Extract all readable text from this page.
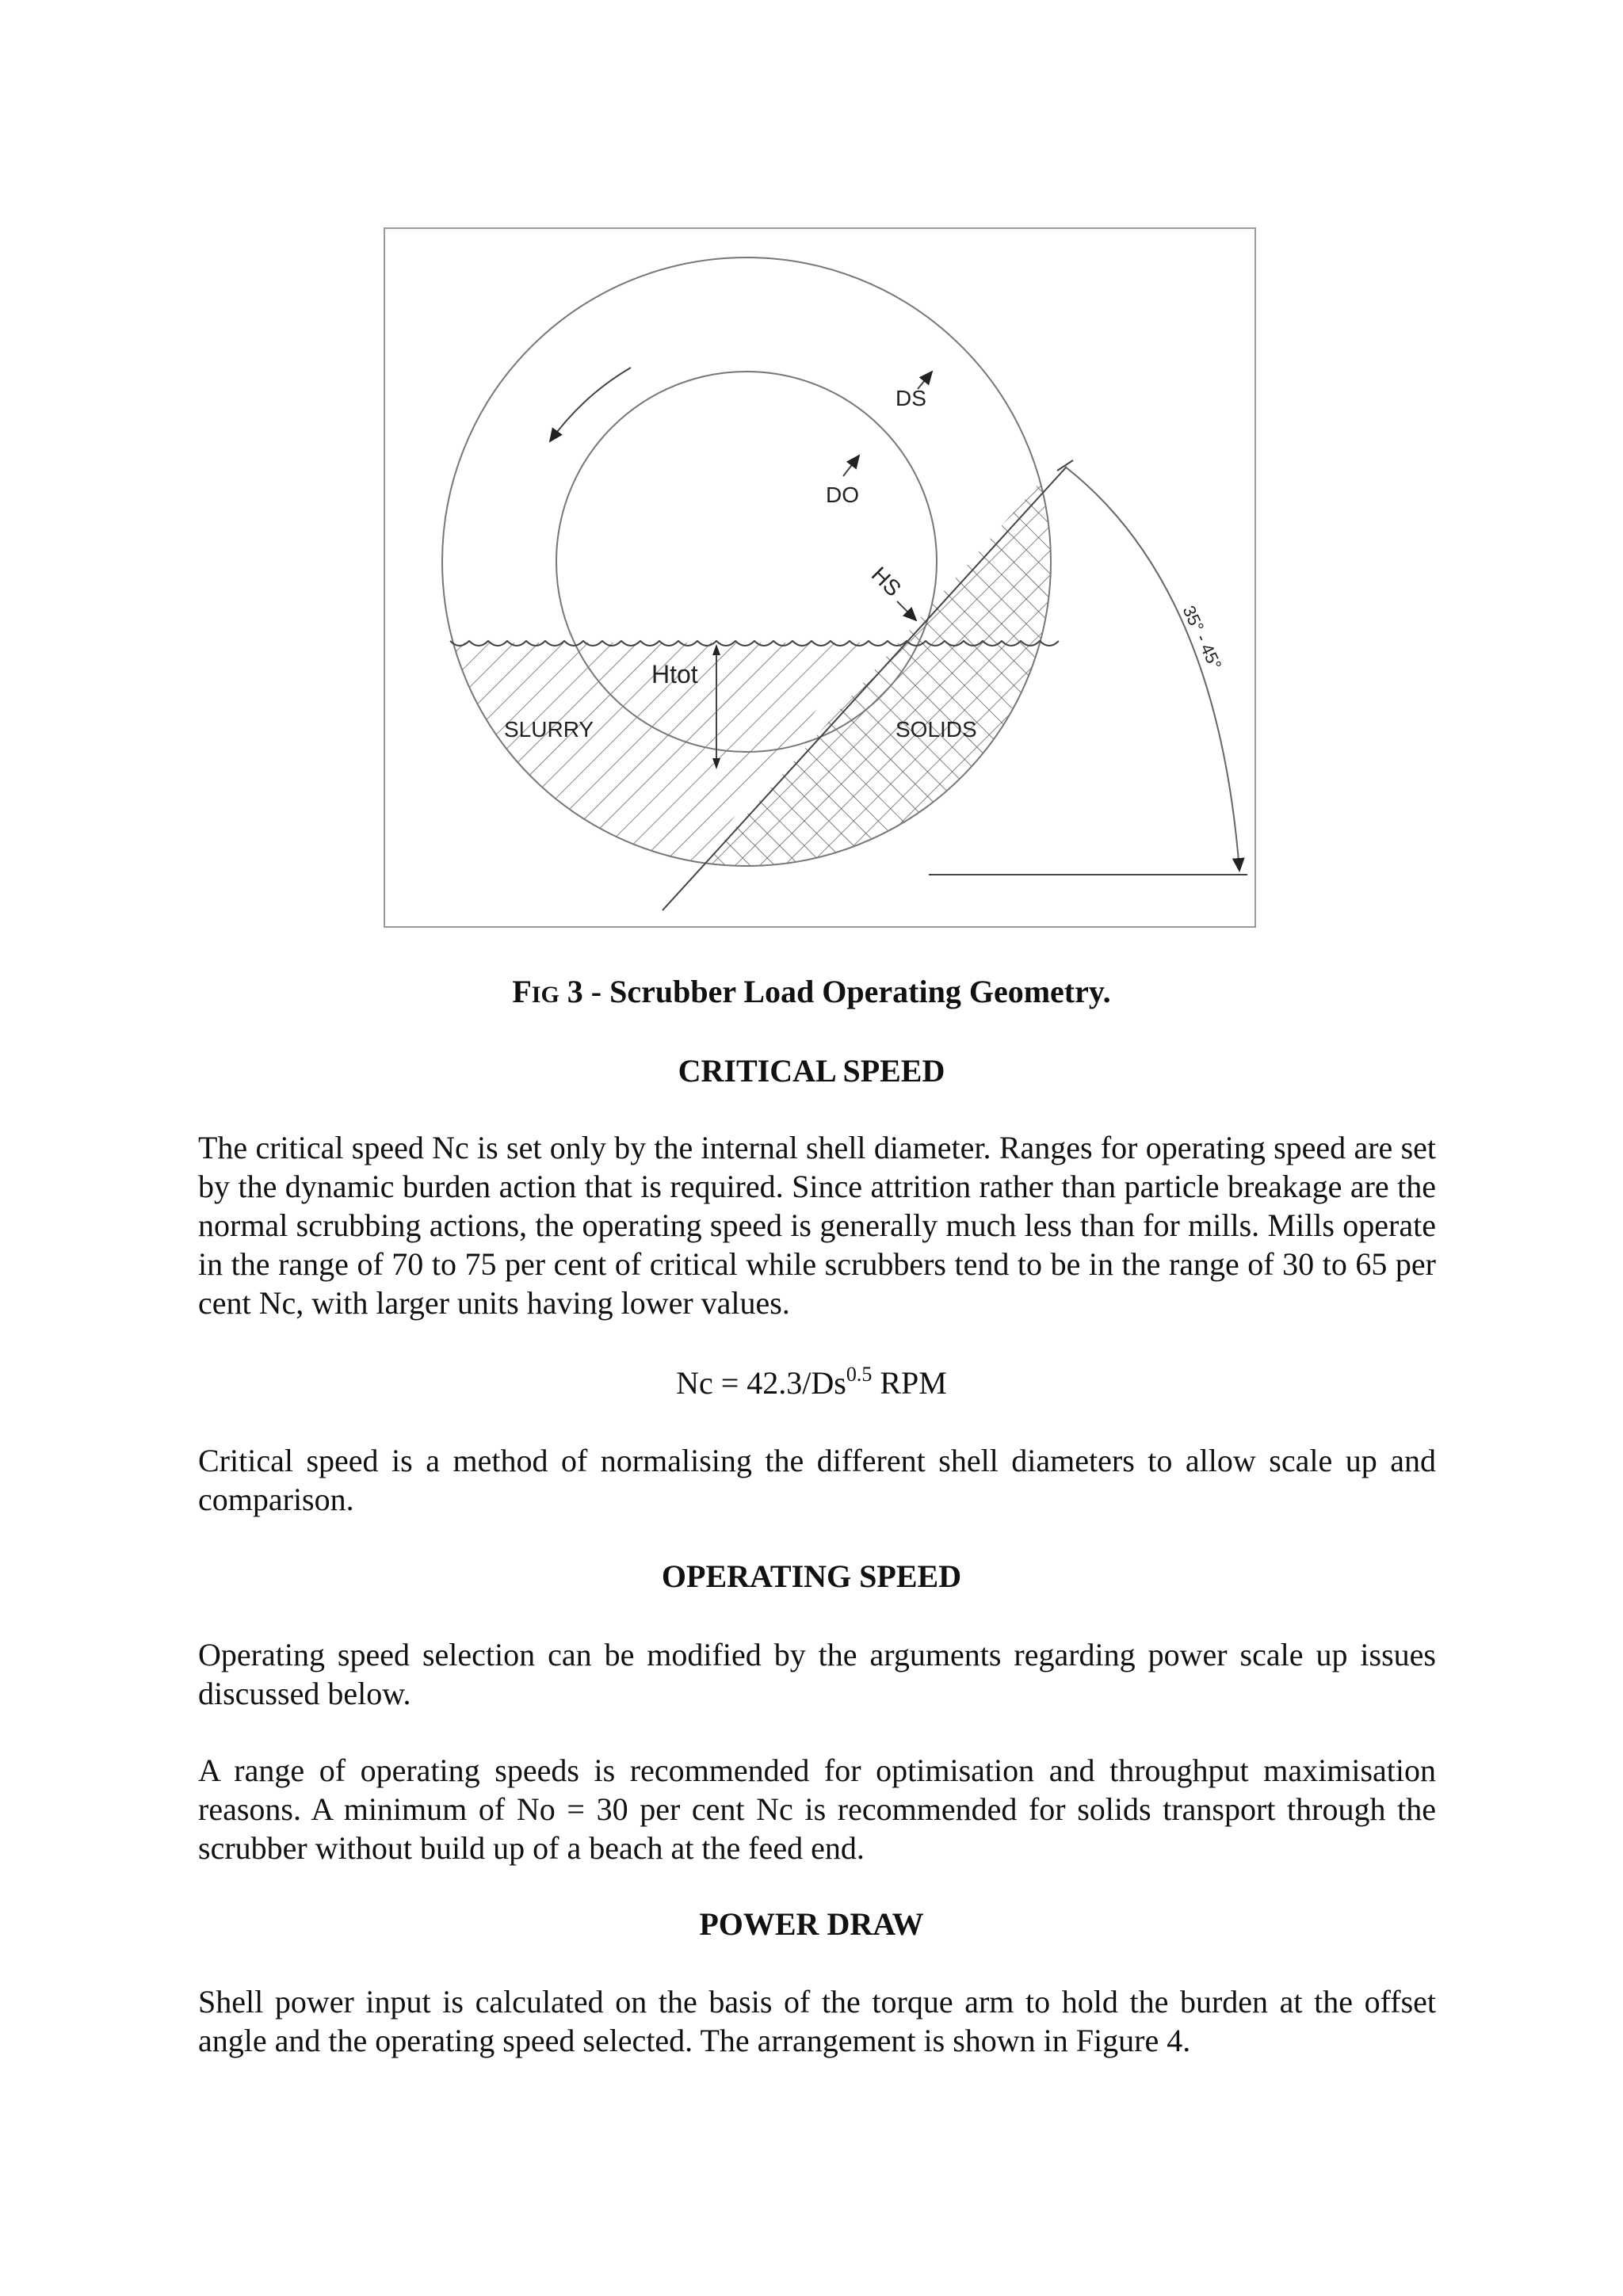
DS
DO
HS
Htot
SLURRY	SOLIDS
35° - 45°
FIG 3 - Scrubber Load Operating Geometry.
CRITICAL SPEED

The critical speed Nc is set only by the internal shell diameter. Ranges for operating speed are set by the dynamic burden action that is required. Since attrition rather than particle breakage are the normal scrubbing actions, the operating speed is generally much less than for mills. Mills operate in the range of 70 to 75 per cent of critical while scrubbers tend to be in the range of 30 to 65 per cent Nc, with larger units having lower values.

$Nc = 42.3/Ds^{0.5}$ RPM

Critical speed is a method of normalising the different shell diameters to allow scale up and comparison.

OPERATING SPEED

Operating speed selection can be modified by the arguments regarding power scale up issues discussed below.

A range of operating speeds is recommended for optimisation and throughput maximisation reasons. A minimum of No = 30 per cent Nc is recommended for solids transport through the scrubber without build up of a beach at the feed end.

POWER DRAW

Shell power input is calculated on the basis of the torque arm to hold the burden at the offset angle and the operating speed selected. The arrangement is shown in Figure 4.
